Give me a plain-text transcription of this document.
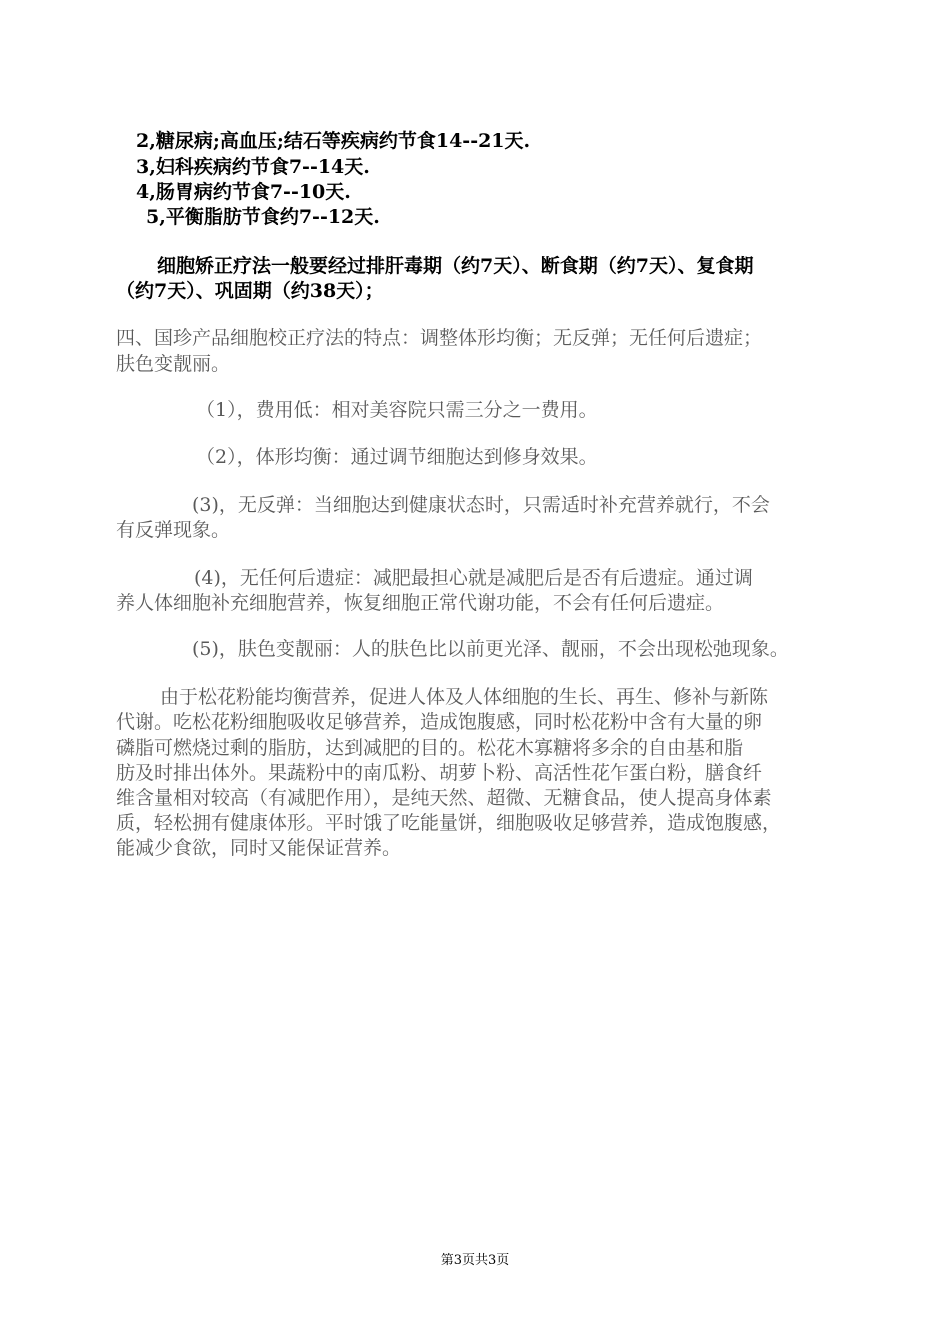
2,糖尿病;高血压;结石等疾病约节食14--21天.
3,妇科疾病约节食7--14天.
4,肠胃病约节食7--10天.
5,平衡脂肪节食约7--12天.
细胞矫正疗法一般要经过排肝毒期（约7天）、断食期（约7天）、复食期
（约7天）、巩固期（约38天）；
四、国珍产品细胞校正疗法的特点：调整体形均衡；无反弹；无任何后遗症；
肤色变靓丽。
（1），费用低：相对美容院只需三分之一费用。
（2），体形均衡：通过调节细胞达到修身效果。
(3)，无反弹：当细胞达到健康状态时，只需适时补充营养就行，不会
有反弹现象。
(4)，无任何后遗症：减肥最担心就是减肥后是否有后遗症。通过调
养人体细胞补充细胞营养，恢复细胞正常代谢功能，不会有任何后遗症。
(5)，肤色变靓丽：人的肤色比以前更光泽、靓丽，不会出现松弛现象。
由于松花粉能均衡营养，促进人体及人体细胞的生长、再生、修补与新陈
代谢。吃松花粉细胞吸收足够营养，造成饱腹感，同时松花粉中含有大量的卵
磷脂可燃烧过剩的脂肪，达到减肥的目的。松花木寡糖将多余的自由基和脂
肪及时排出体外。果蔬粉中的南瓜粉、胡萝卜粉、高活性花乍蛋白粉，膳食纤
维含量相对较高（有减肥作用），是纯天然、超微、无糖食品，使人提高身体素
质，轻松拥有健康体形。平时饿了吃能量饼，细胞吸收足够营养，造成饱腹感，
能减少食欲，同时又能保证营养。
第3页共3页
